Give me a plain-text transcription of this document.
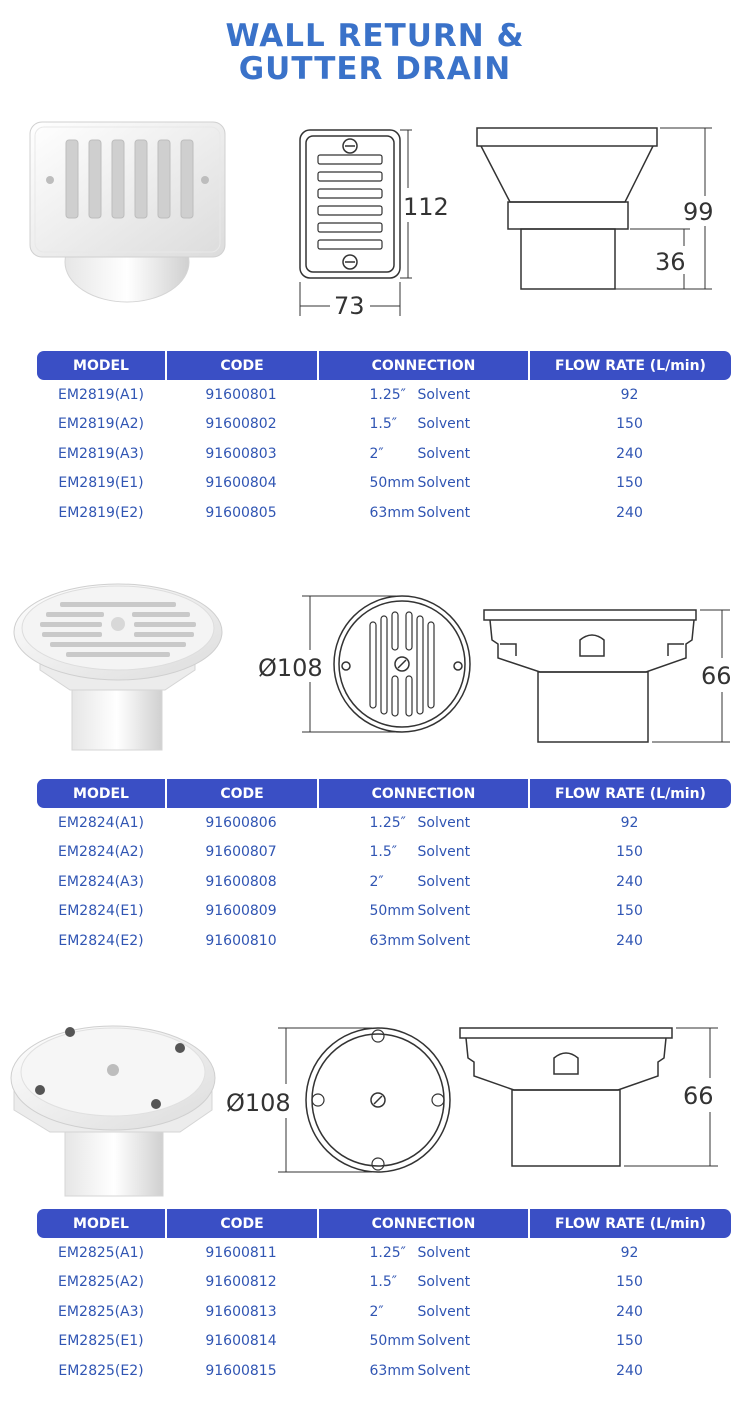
WALL RETURN &
GUTTER DRAIN
112
73
99
36
MODEL	CODE	CONNECTION	FLOW RATE (L/min)
EM2819(A1)	91600801	1.25″ Solvent	92
EM2819(A2)	91600802	1.5″ Solvent	150
EM2819(A3)	91600803	2″ Solvent	240
EM2819(E1)	91600804	50mm Solvent	150
EM2819(E2)	91600805	63mm Solvent	240
Ø108	66
MODEL	CODE	CONNECTION	FLOW RATE (L/min)
EM2824(A1)	91600806	1.25″ Solvent	92
EM2824(A2)	91600807	1.5″ Solvent	150
EM2824(A3)	91600808	2″ Solvent	240
EM2824(E1)	91600809	50mm Solvent	150
EM2824(E2)	91600810	63mm Solvent	240
Ø108	66
MODEL	CODE	CONNECTION	FLOW RATE (L/min)
EM2825(A1)	91600811	1.25″ Solvent	92
EM2825(A2)	91600812	1.5″ Solvent	150
EM2825(A3)	91600813	2″ Solvent	240
EM2825(E1)	91600814	50mm Solvent	150
EM2825(E2)	91600815	63mm Solvent	240
